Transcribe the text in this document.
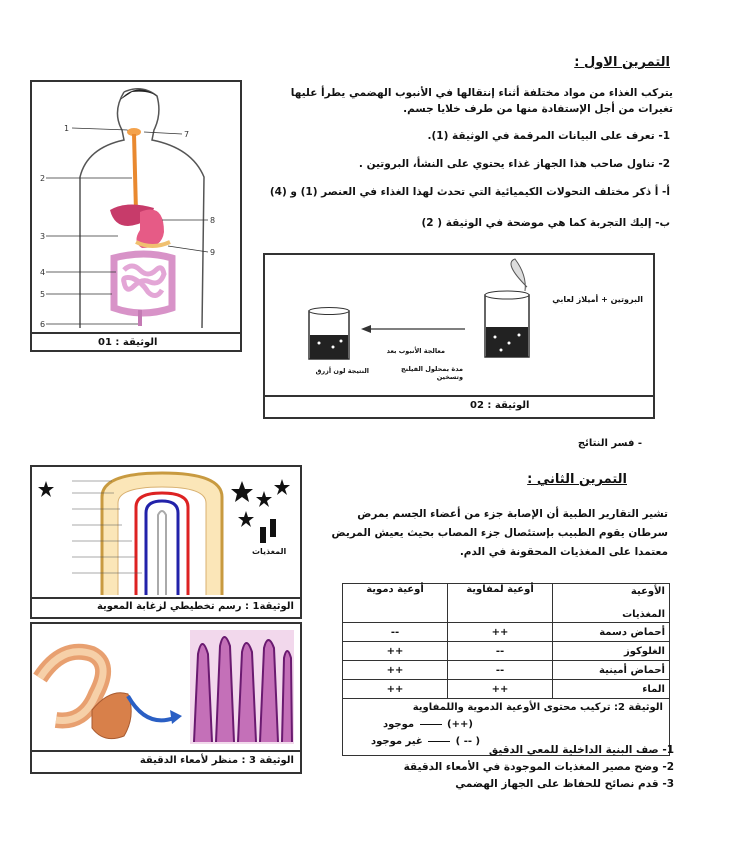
التمرين الاول :
يتركب الغذاء من مواد مختلفة أثناء إنتقالها في الأنبوب الهضمي يطرأ عليها تغيرات من أجل الإستفادة منها من طرف خلايا جسم.
1- تعرف على البيانات المرقمة في الوثيقة (1).
2- تناول صاحب هذا الجهاز غذاء يحتوي على النشأ، البروتين .
أ- أ ذكر مختلف التحولات الكيميائية التي تحدث لهذا الغذاء في العنصر (1) و (4)
ب- إليك التجربة كما هي موضحة في الوثيقة ( 2)
1
2
3
4
5
6
7
8
9
الوثيقة : 01
البروتين + أميلاز لعابي
معالجة الأنبوب بعد
مدة بمحلول الفيلنج وتسخين
النتيجة لون أزرق
الوثيقة : 02
- فسر النتائج
التمرين الثاني :
تشير التقارير الطبية أن الإصابة جزء من أعضاء الجسم بمرض سرطان يقوم الطبيب بإستئصال جزء المصاب بحيث يعيش المريض معتمدا على المغذيات المحقونة في الدم.
المغذيات
الوثيقة1 : رسم تخطيطي لزغابة المعوية
الوثيقة 3 : منظر لأمعاء الدقيقة
أوعية دموية	أوعية لمفاوية	الأوعية
المغذيات

--	++	أحماض دسمة
++	--	الغلوكوز
++	--	أحماض أمينية
++	++	الماء

الوثيقة 2: تركيب محتوى الأوعية الدموية واللمفاوية
موجود (++)
غير موجود ( -- )		
1- صف البنية الداخلية للمعي الدقيق
2- وضح مصير المغذيات الموجودة في الأمعاء الدقيقة
3- قدم نصائح للحفاظ على الجهاز الهضمي
